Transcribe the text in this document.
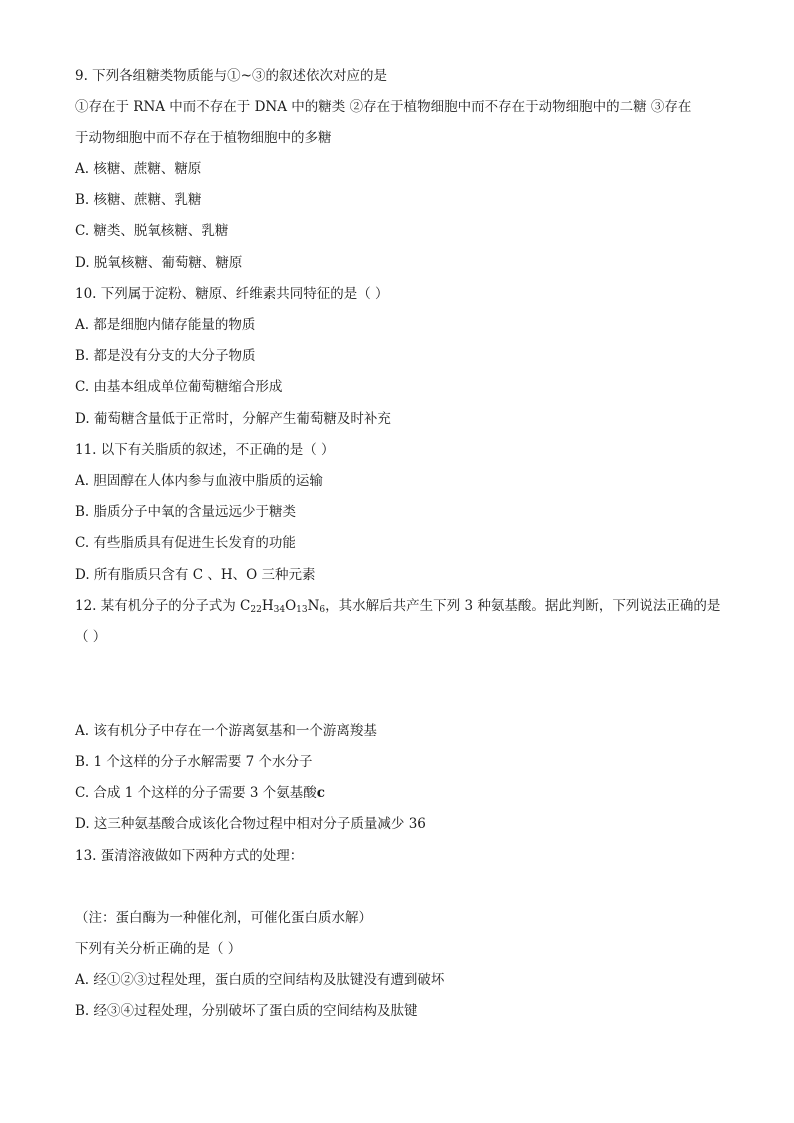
9. 下列各组糖类物质能与①~③的叙述依次对应的是
①存在于 RNA 中而不存在于 DNA 中的糖类 ②存在于植物细胞中而不存在于动物细胞中的二糖 ③存在
于动物细胞中而不存在于植物细胞中的多糖
A. 核糖、蔗糖、糖原
B. 核糖、蔗糖、乳糖
C. 糖类、脱氧核糖、乳糖
D. 脱氧核糖、葡萄糖、糖原
10. 下列属于淀粉、糖原、纤维素共同特征的是（ ）
A. 都是细胞内储存能量的物质
B. 都是没有分支的大分子物质
C. 由基本组成单位葡萄糖缩合形成
D. 葡萄糖含量低于正常时，分解产生葡萄糖及时补充
11. 以下有关脂质的叙述，不正确的是（ ）
A. 胆固醇在人体内参与血液中脂质的运输
B. 脂质分子中氧的含量远远少于糖类
C. 有些脂质具有促进生长发育的功能
D. 所有脂质只含有 C 、H、O 三种元素
12. 某有机分子的分子式为 $C_{22}H_{34}O_{13}N_6$，其水解后共产生下列 3 种氨基酸。据此判断，下列说法正确的是
（ ）
A. 该有机分子中存在一个游离氨基和一个游离羧基
B. 1 个这样的分子水解需要 7 个水分子
C. 合成 1 个这样的分子需要 3 个氨基酸c
D. 这三种氨基酸合成该化合物过程中相对分子质量减少 36
13. 蛋清溶液做如下两种方式的处理：
（注：蛋白酶为一种催化剂，可催化蛋白质水解）
下列有关分析正确的是（ ）
A. 经①②③过程处理，蛋白质的空间结构及肽键没有遭到破坏
B. 经③④过程处理，分别破坏了蛋白质的空间结构及肽键
